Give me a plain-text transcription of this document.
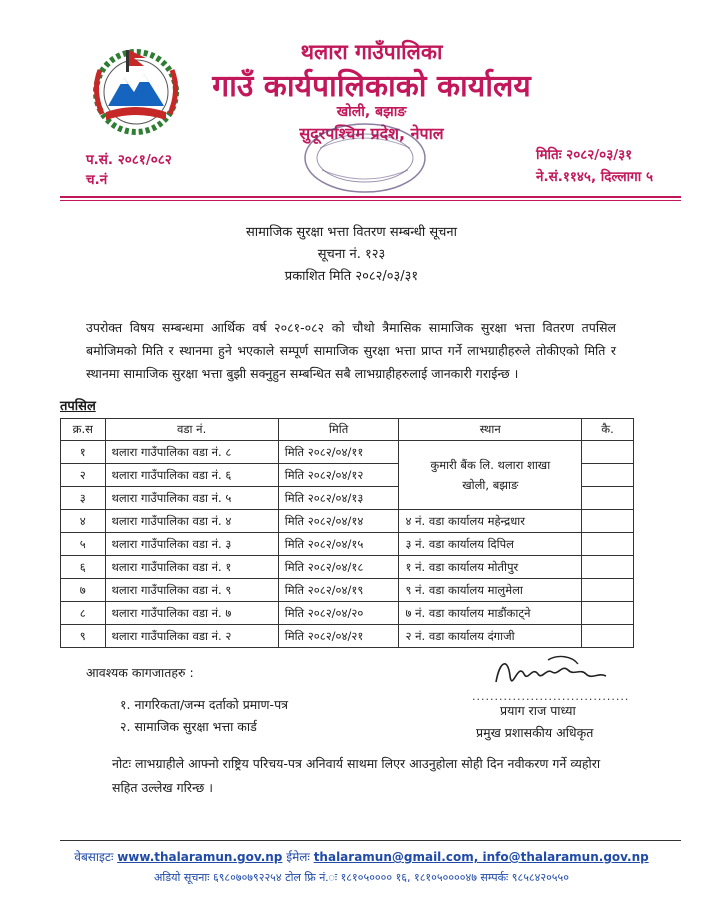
थलारा गाउँपालिका
गाउँ कार्यपालिकाको कार्यालय
खोली, बझाङ
सुदूरपश्चिम प्रदेश, नेपाल
प.सं. २०८१/०८२
च.नं
मितिः २०८२/०३/३१
ने.सं.११४५, दिल्लागा ५
सामाजिक सुरक्षा भत्ता वितरण सम्बन्धी सूचना
सूचना नं. १२३
प्रकाशित मिति २०८२/०३/३१
उपरोक्त विषय सम्बन्धमा आर्थिक वर्ष २०८१-०८२ को चौथो त्रैमासिक सामाजिक सुरक्षा भत्ता वितरण तपसिल बमोजिमको मिति र स्थानमा हुने भएकाले सम्पूर्ण सामाजिक सुरक्षा भत्ता प्राप्त गर्ने लाभग्राहीहरुले तोकीएको मिति र स्थानमा सामाजिक सुरक्षा भत्ता बुझी सक्नुहुन सम्बन्धित सबै लाभग्राहीहरुलाई जानकारी गराईन्छ ।
तपसिल
क्र.स	वडा नं.	मिति	स्थान	कै.
१	थलारा गाउँपालिका वडा नं. ८	मिति २०८२/०४/११	कुमारी बैंक लि. थलारा शाखा
खोली, बझाङ	

२	थलारा गाउँपालिका वडा नं. ६	मिति २०८२/०४/१२		
३	थलारा गाउँपालिका वडा नं. ५	मिति २०८२/०४/१३		
४	थलारा गाउँपालिका वडा नं. ४	मिति २०८२/०४/१४	४ नं. वडा कार्यालय महेन्द्रधार	
५	थलारा गाउँपालिका वडा नं. ३	मिति २०८२/०४/१५	३ नं. वडा कार्यालय दिपिल	
६	थलारा गाउँपालिका वडा नं. १	मिति २०८२/०४/१८	१ नं. वडा कार्यालय मोतीपुर	
७	थलारा गाउँपालिका वडा नं. ९	मिति २०८२/०४/१९	९ नं. वडा कार्यालय मालुमेला	
८	थलारा गाउँपालिका वडा नं. ७	मिति २०८२/०४/२०	७ नं. वडा कार्यालय माडौंकाट्ने	
९	थलारा गाउँपालिका वडा नं. २	मिति २०८२/०४/२१	२ नं. वडा कार्यालय दंगाजी	
आवश्यक कागजातहरु :
१. नागरिकता/जन्म दर्ताको प्रमाण-पत्र
२. सामाजिक सुरक्षा भत्ता कार्ड
...................................
प्रयाग राज पाध्या
प्रमुख प्रशासकीय अधिकृत
नोटः लाभग्राहीले आफ्नो राष्ट्रिय परिचय-पत्र अनिवार्य साथमा लिएर आउनुहोला सोही दिन नवीकरण गर्ने व्यहोरा सहित उल्लेख गरिन्छ ।
वेबसाइटः www.thalaramun.gov.np ईमेलः thalaramun@gmail.com, info@thalaramun.gov.np
अडियो सूचनाः ६९८०७०७९२२५४ टोल फ्रि नं.ः १८१०५०००० १६, १८१०५००००४७ सम्पर्कः ९८५८४२०५५०
